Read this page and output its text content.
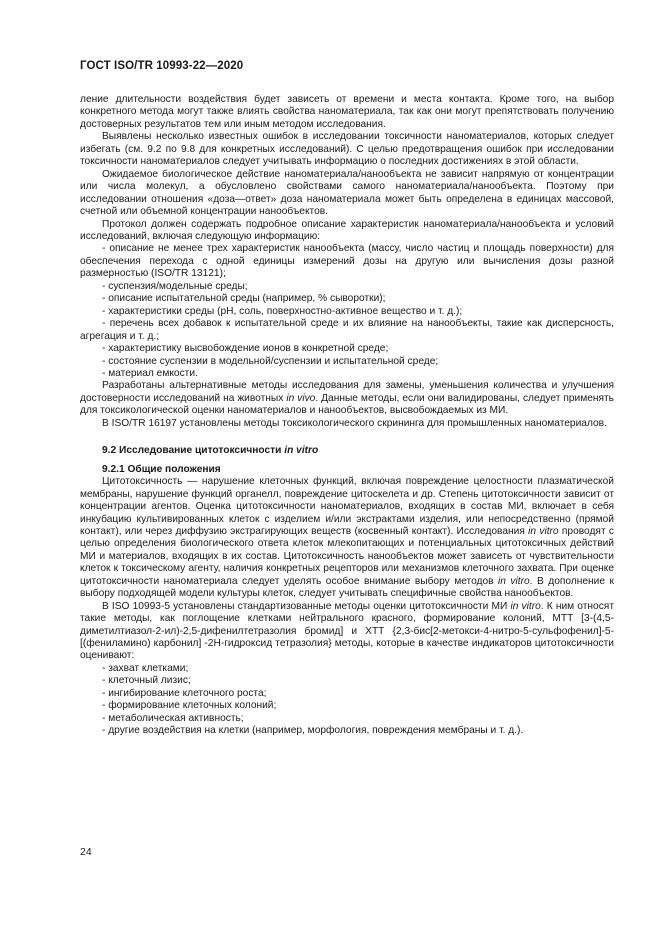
ГОСТ ISO/TR 10993-22—2020

ление длительности воздействия будет зависеть от времени и места контакта. Кроме того, на выбор конкретного метода могут также влиять свойства наноматериала, так как они могут препятствовать получению достоверных результатов тем или иным методом исследования.

Выявлены несколько известных ошибок в исследовании токсичности наноматериалов, которых следует избегать (см. 9.2 по 9.8 для конкретных исследований). С целью предотвращения ошибок при исследовании токсичности наноматериалов следует учитывать информацию о последних достижениях в этой области.

Ожидаемое биологическое действие наноматериала/нанообъекта не зависит напрямую от концентрации или числа молекул, а обусловлено свойствами самого наноматериала/нанообъекта. Поэтому при исследовании отношения «доза—ответ» доза наноматериала может быть определена в единицах массовой, счетной или объемной концентрации нанообъектов.

Протокол должен содержать подробное описание характеристик наноматериала/нанообъекта и условий исследований, включая следующую информацию:

- описание не менее трех характеристик нанообъекта (массу, число частиц и площадь поверхности) для обеспечения перехода с одной единицы измерений дозы на другую или вычисления дозы разной размерностью (ISO/TR 13121);

- суспензия/модельные среды;

- описание испытательной среды (например, % сыворотки);

- характеристики среды (pH, соль, поверхностно-активное вещество и т. д.);

- перечень всех добавок к испытательной среде и их влияние на нанообъекты, такие как дисперсность, агрегация и т. д.;

- характеристику высвобождение ионов в конкретной среде;

- состояние суспензии в модельной/суспензии и испытательной среде;

- материал емкости.

Разработаны альтернативные методы исследования для замены, уменьшения количества и улучшения достоверности исследований на животных in vivo. Данные методы, если они валидированы, следует применять для токсикологической оценки наноматериалов и нанообъектов, высвобождаемых из МИ.

В ISO/TR 16197 установлены методы токсикологического скрининга для промышленных наноматериалов.

9.2 Исследование цитотоксичности in vitro
9.2.1 Общие положения

Цитотоксичность — нарушение клеточных функций, включая повреждение целостности плазматической мембраны, нарушение функций органелл, повреждение цитоскелета и др. Степень цитотоксичности зависит от концентрации агентов. Оценка цитотоксичности наноматериалов, входящих в состав МИ, включает в себя инкубацию культивированных клеток с изделием и/или экстрактами изделия, или непосредственно (прямой контакт), или через диффузию экстрагирующих веществ (косвенный контакт). Исследования in vitro проводят с целью определения биологического ответа клеток млекопитающих и потенциальных цитотоксичных действий МИ и материалов, входящих в их состав. Цитотоксичность нанообъектов может зависеть от чувствительности клеток к токсическому агенту, наличия конкретных рецепторов или механизмов клеточного захвата. При оценке цитотоксичности наноматериала следует уделять особое внимание выбору методов in vitro. В дополнение к выбору подходящей модели культуры клеток, следует учитывать специфичные свойства нанообъектов.

В ISO 10993-5 установлены стандартизованные методы оценки цитотоксичности МИ in vitro. К ним относят такие методы, как поглощение клетками нейтрального красного, формирование колоний, МТТ [3-(4,5-диметилтиазол-2-ил)-2,5-дифенилтетразолия бромид] и ХТТ {2,3-бис[2-метокси-4-нитро-5-сульфофенил]-5-[(фениламино) карбонил] -2Н-гидроксид тетразолия} методы, которые в качестве индикаторов цитотоксичности оценивают:

- захват клетками;

- клеточный лизис;

- ингибирование клеточного роста;

- формирование клеточных колоний;

- метаболическая активность;

- другие воздействия на клетки (например, морфология, повреждения мембраны и т. д.).

24
